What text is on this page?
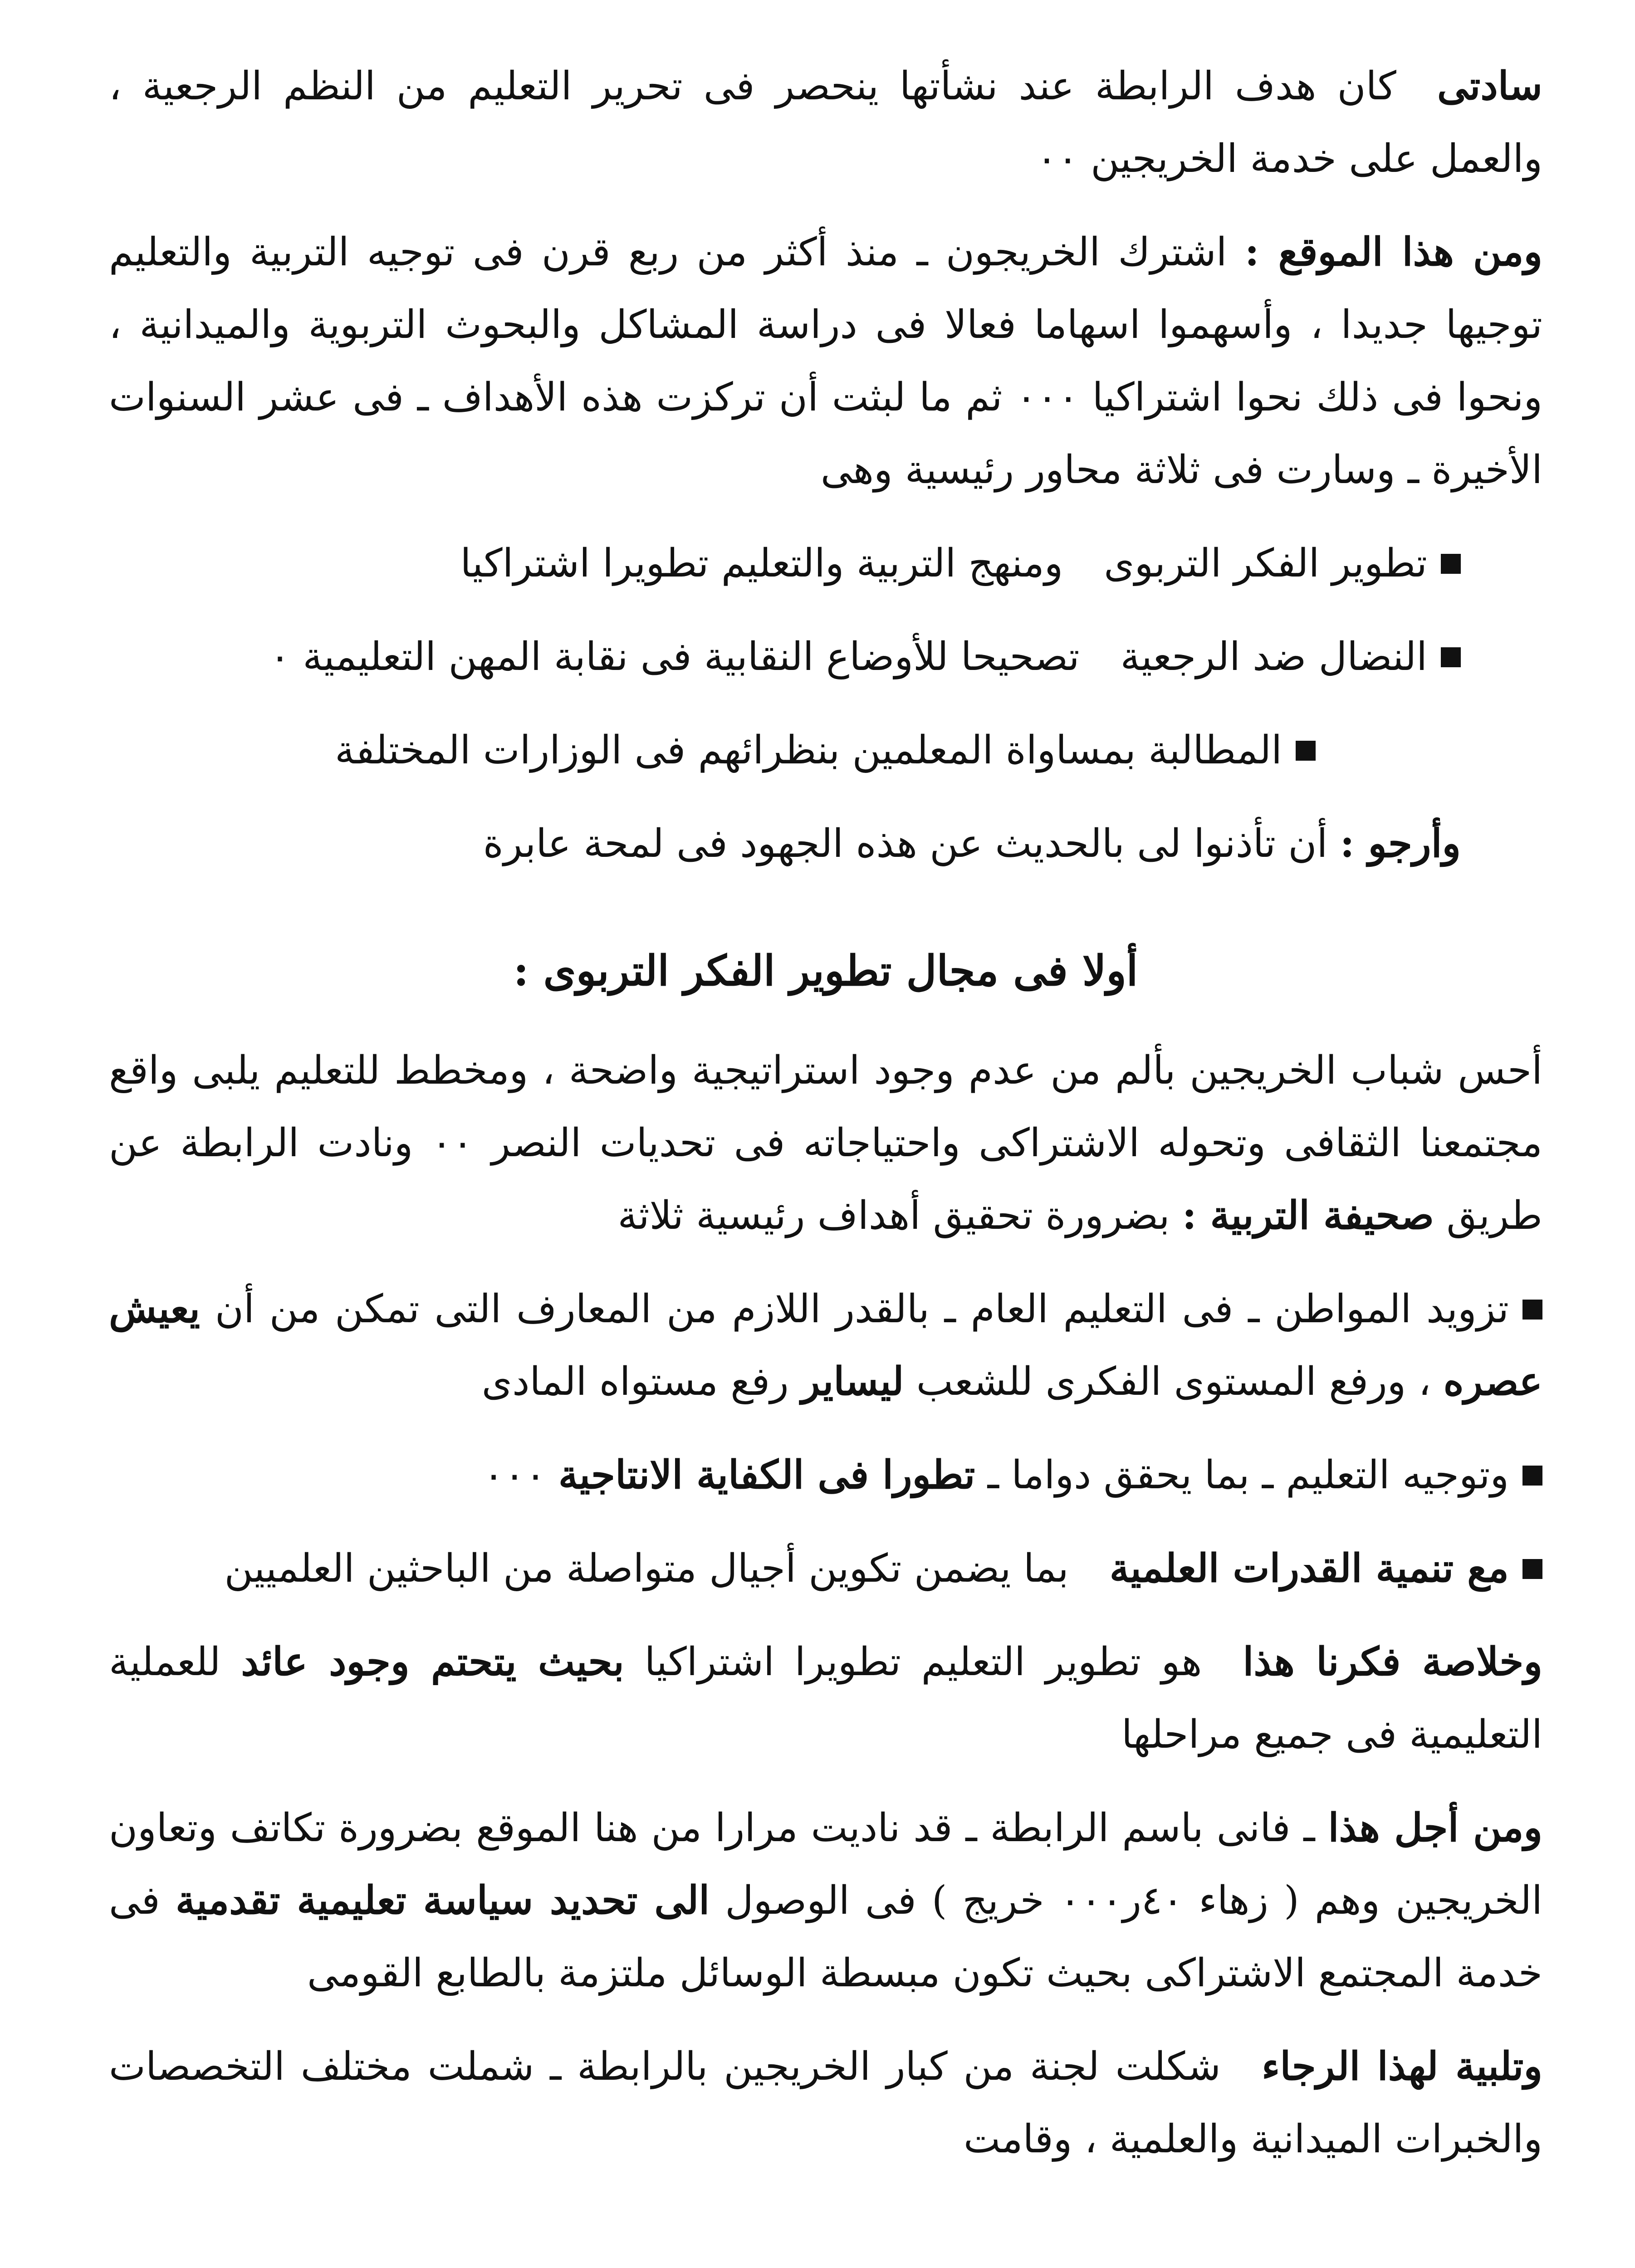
سادتىكان هدف الرابطة عند نشأتها ينحصر فى تحرير التعليم من النظم الرجعية ، والعمل على خدمة الخريجين ٠٠

ومن هذا الموقع : اشترك الخريجون ـ منذ أكثر من ربع قرن فى توجيه التربية والتعليم توجيها جديدا ، وأسهموا اسهاما فعالا فى دراسة المشاكل والبحوث التربوية والميدانية ، ونحوا فى ذلك نحوا اشتراكيا ٠٠٠ ثم ما لبثت أن تركزت هذه الأهداف ـ فى عشر السنوات الأخيرة ـ وسارت فى ثلاثة محاور رئيسية وهى

تطوير الفكر التربوىومنهج التربية والتعليم تطويرا اشتراكيا
النضال ضد الرجعيةتصحيحا للأوضاع النقابية فى نقابة المهن التعليمية ٠
المطالبة بمساواة المعلمين بنظرائهم فى الوزارات المختلفة

وأرجو : أن تأذنوا لى بالحديث عن هذه الجهود فى لمحة عابرة

أولا فى مجال تطوير الفكر التربوى :

أحس شباب الخريجين بألم من عدم وجود استراتيجية واضحة ، ومخطط للتعليم يلبى واقع مجتمعنا الثقافى وتحوله الاشتراكى واحتياجاته فى تحديات النصر ٠٠ ونادت الرابطة عن طريق صحيفة التربية : بضرورة تحقيق أهداف رئيسية ثلاثة

تزويد المواطن ـ فى التعليم العام ـ بالقدر اللازم من المعارف التى تمكن من أن يعيش عصره ، ورفع المستوى الفكرى للشعب ليساير رفع مستواه المادى
وتوجيه التعليم ـ بما يحقق دواما ـ تطورا فى الكفاية الانتاجية ٠٠٠
مع تنمية القدرات العلميةبما يضمن تكوين أجيال متواصلة من الباحثين العلميين

وخلاصة فكرنا هذاهو تطوير التعليم تطويرا اشتراكيا بحيث يتحتم وجود عائد للعملية التعليمية فى جميع مراحلها

ومن أجل هذا ـ فانى باسم الرابطة ـ قد ناديت مرارا من هنا الموقع بضرورة تكاتف وتعاون الخريجين وهم ( زهاء ٤٠ر٠٠٠ خريج ) فى الوصول الى تحديد سياسة تعليمية تقدمية فى خدمة المجتمع الاشتراكى بحيث تكون مبسطة الوسائل ملتزمة بالطابع القومى

وتلبية لهذا الرجاءشكلت لجنة من كبار الخريجين بالرابطة ـ شملت مختلف التخصصات والخبرات الميدانية والعلمية ، وقامت
